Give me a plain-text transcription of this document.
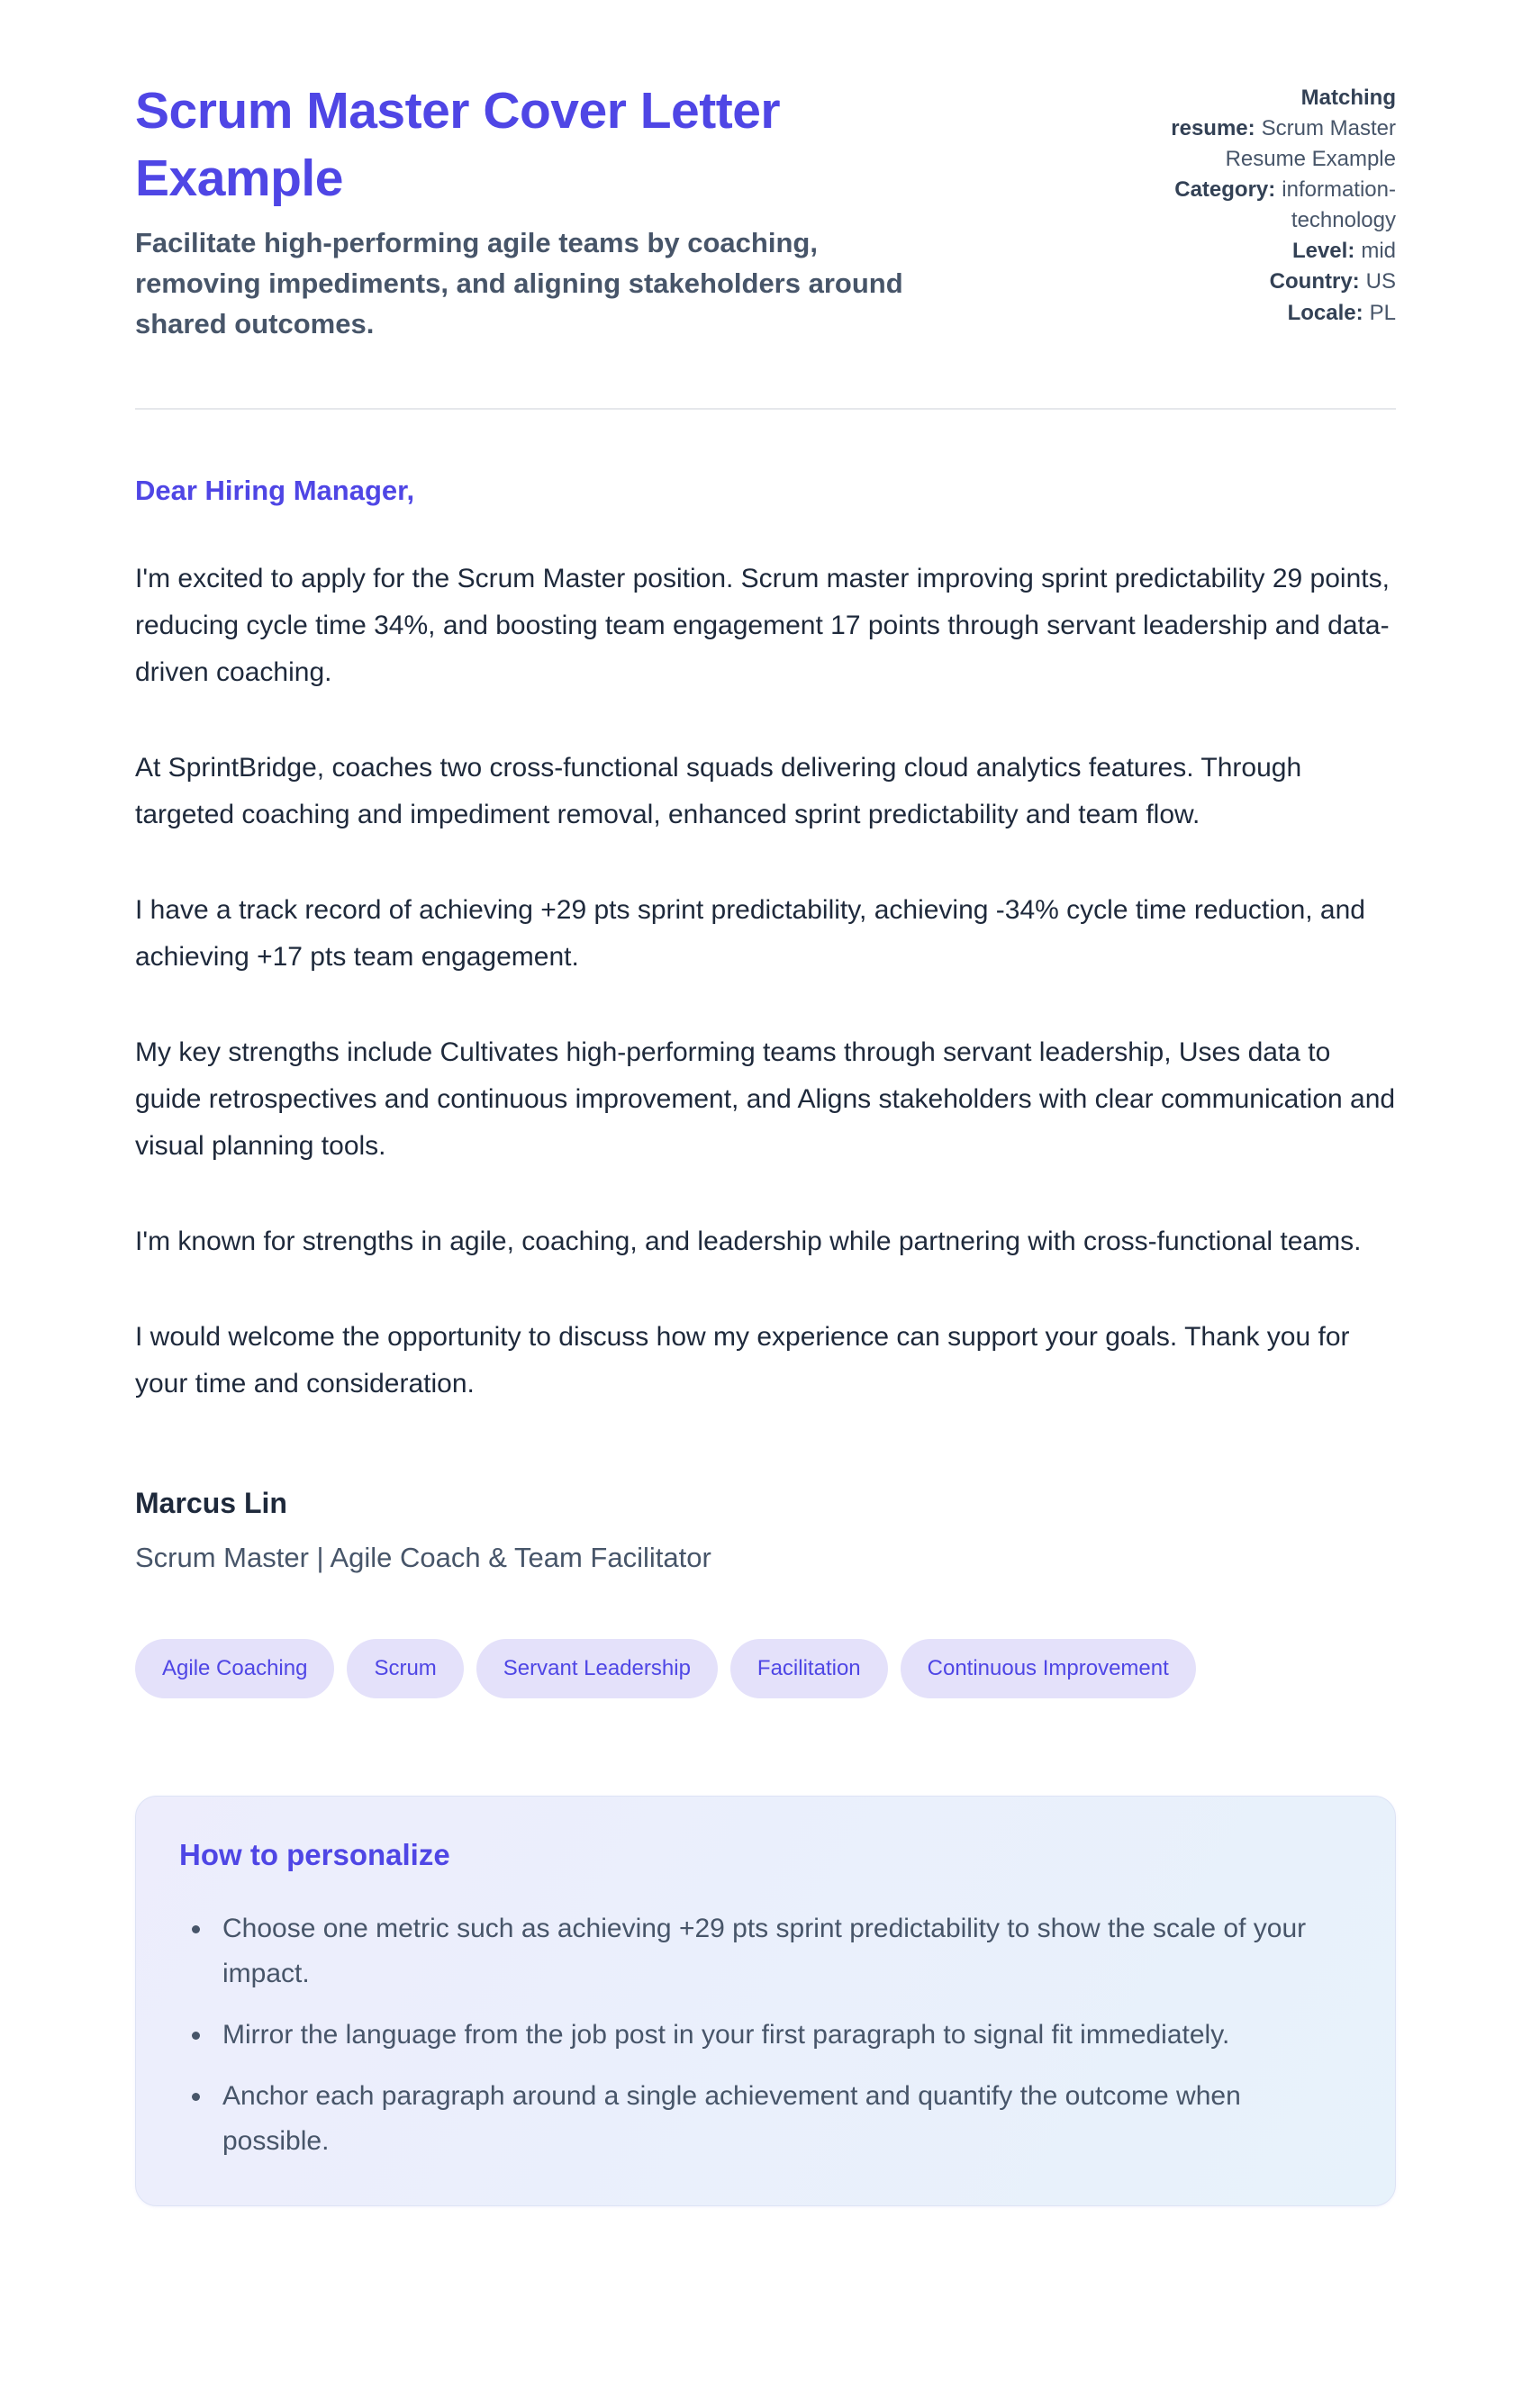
Scrum Master Cover Letter Example
Facilitate high-performing agile teams by coaching, removing impediments, and aligning stakeholders around shared outcomes.
Matching resume: Scrum Master Resume Example
Category: information-technology
Level: mid
Country: US
Locale: PL
Dear Hiring Manager,

I'm excited to apply for the Scrum Master position. Scrum master improving sprint predictability 29 points, reducing cycle time 34%, and boosting team engagement 17 points through servant leadership and data-driven coaching.

At SprintBridge, coaches two cross-functional squads delivering cloud analytics features. Through targeted coaching and impediment removal, enhanced sprint predictability and team flow.

I have a track record of achieving +29 pts sprint predictability, achieving -34% cycle time reduction, and achieving +17 pts team engagement.

My key strengths include Cultivates high-performing teams through servant leadership, Uses data to guide retrospectives and continuous improvement, and Aligns stakeholders with clear communication and visual planning tools.

I'm known for strengths in agile, coaching, and leadership while partnering with cross-functional teams.

I would welcome the opportunity to discuss how my experience can support your goals. Thank you for your time and consideration.

Marcus Lin
Scrum Master | Agile Coach & Team Facilitator
Agile Coaching	Scrum	Servant Leadership	Facilitation	Continuous Improvement
How to personalize
Choose one metric such as achieving +29 pts sprint predictability to show the scale of your impact.
Mirror the language from the job post in your first paragraph to signal fit immediately.
Anchor each paragraph around a single achievement and quantify the outcome when possible.
